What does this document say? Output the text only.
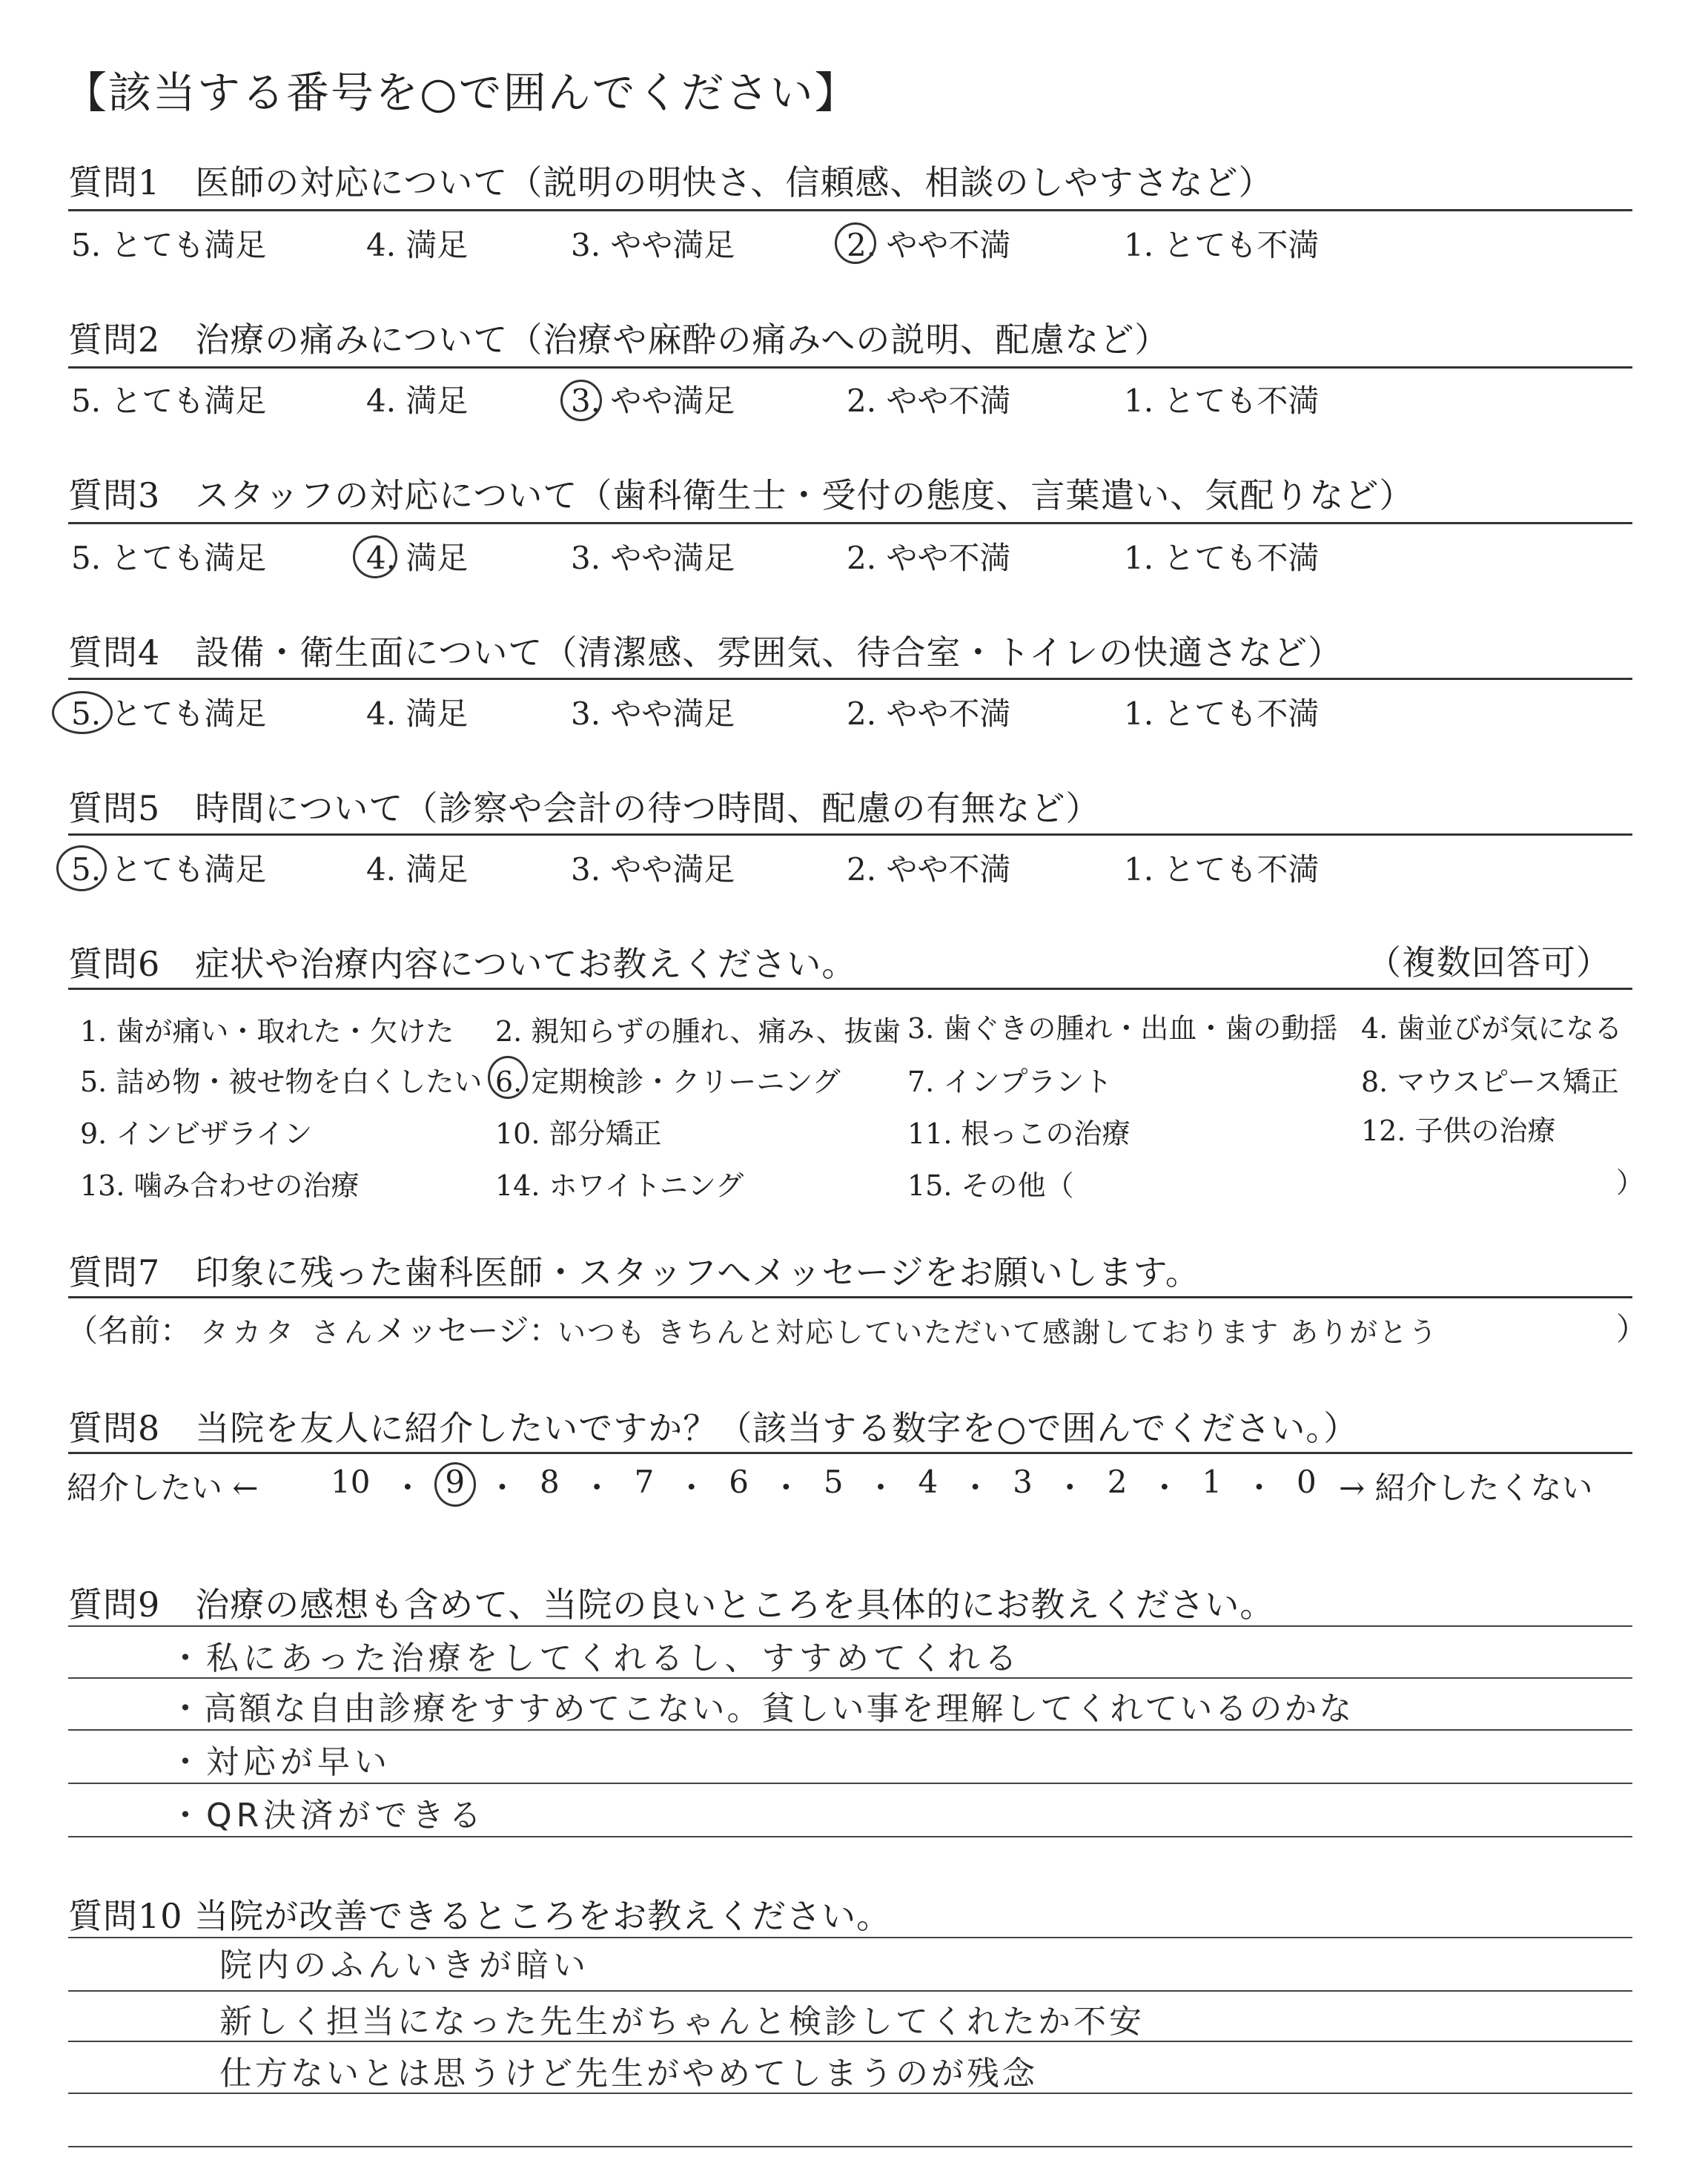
【該当する番号を○で囲んでください】
質問1　医師の対応について（説明の明快さ、信頼感、相談のしやすさなど）
5. とても満足	4. 満足	3. やや満足	2. やや不満	1. とても不満
質問2　治療の痛みについて（治療や麻酔の痛みへの説明、配慮など）
5. とても満足	4. 満足	3. やや満足	2. やや不満	1. とても不満
質問3　スタッフの対応について（歯科衛生士・受付の態度、言葉遣い、気配りなど）
5. とても満足	4. 満足	3. やや満足	2. やや不満	1. とても不満
質問4　設備・衛生面について（清潔感、雰囲気、待合室・トイレの快適さなど）
5. とても満足	4. 満足	3. やや満足	2. やや不満	1. とても不満
質問5　時間について（診察や会計の待つ時間、配慮の有無など）
5. とても満足	4. 満足	3. やや満足	2. やや不満	1. とても不満
質問6　症状や治療内容についてお教えください。	（複数回答可）
1. 歯が痛い・取れた・欠けた 2. 親知らずの腫れ、痛み、抜歯 3. 歯ぐきの腫れ・出血・歯の動揺 4. 歯並びが気になる
5. 詰め物・被せ物を白くしたい 6. 定期検診・クリーニング 7. インプラント	8. マウスピース矯正
9. インビザライン	10. 部分矯正	11. 根っこの治療	12. 子供の治療
13. 噛み合わせの治療	14. ホワイトニング	15. その他（	）
質問7　印象に残った歯科医師・スタッフへメッセージをお願いします。
（名前： タカタ さん
メッセージ：
いつも きちんと対応していただいて感謝しております ありがとう	）
質問8　当院を友人に紹介したいですか？（該当する数字を○で囲んでください。）
紹介したい ← 10 ・ 9 ・ 8 ・ 7 ・ 6 ・ 5 ・ 4 ・ 3 ・ 2 ・ 1 ・ 0 → 紹介したくない
質問9　治療の感想も含めて、当院の良いところを具体的にお教えください。
・私にあった治療をしてくれるし、すすめてくれる
・高額な自由診療をすすめてこない。貧しい事を理解してくれているのかな
・対応が早い
・QR決済ができる
質問10 当院が改善できるところをお教えください。
院内のふんいきが暗い
新しく担当になった先生がちゃんと検診してくれたか不安
仕方ないとは思うけど先生がやめてしまうのが残念
